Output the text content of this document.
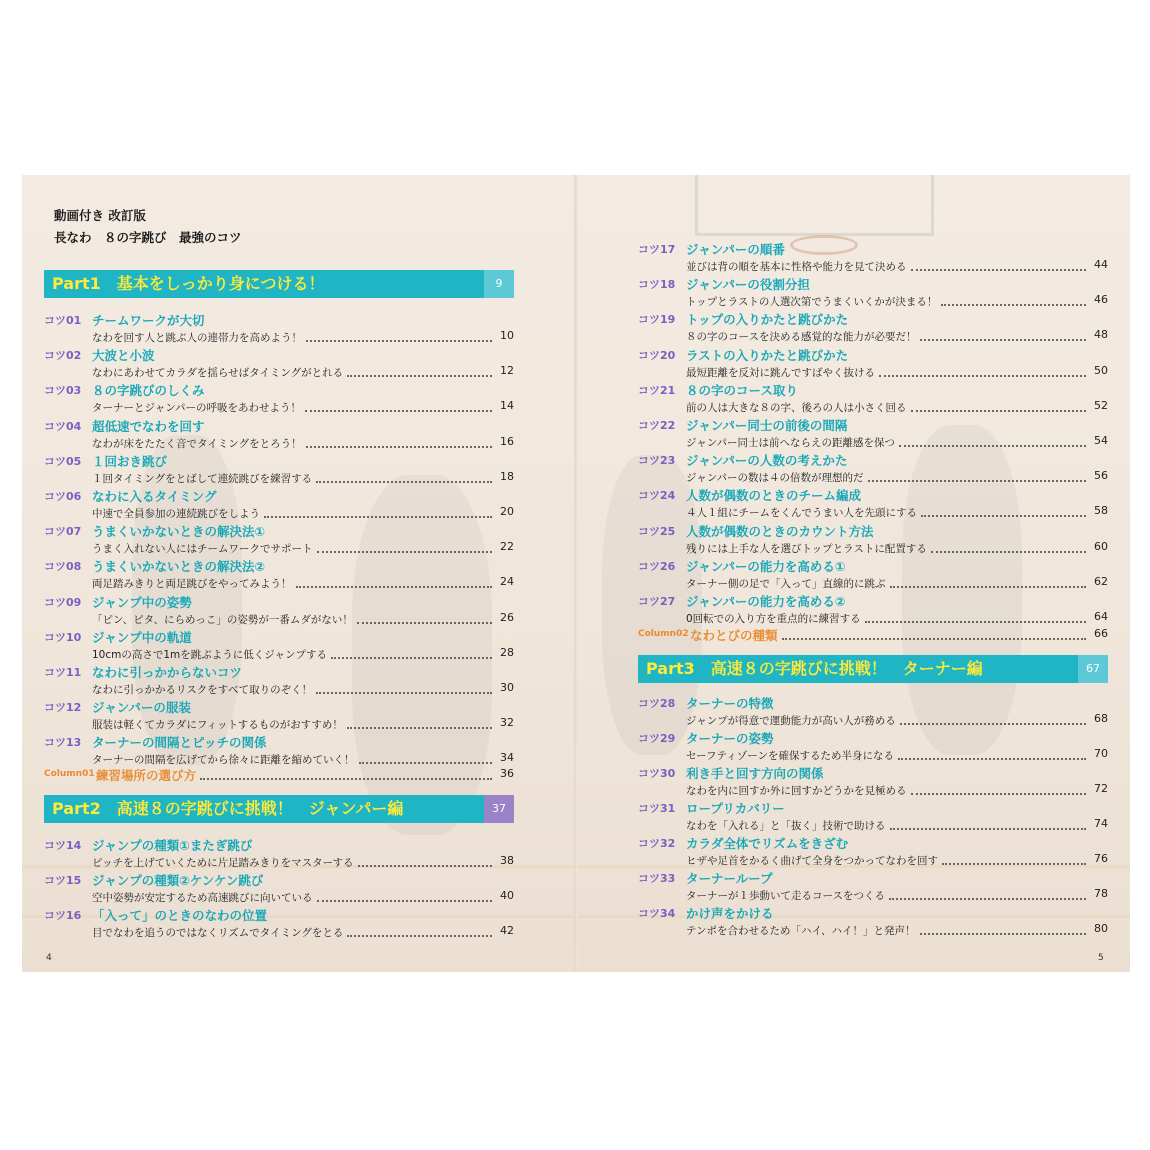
動画付き 改訂版
長なわ　８の字跳び　最強のコツ
Part1　基本をしっかり身につける！	9
コツ01 チームワークが大切
なわを回す人と跳ぶ人の連帯力を高めよう！	10
コツ02 大波と小波
なわにあわせてカラダを揺らせばタイミングがとれる	12
コツ03 ８の字跳びのしくみ
ターナーとジャンパーの呼吸をあわせよう！	14
コツ04 超低速でなわを回す
なわが床をたたく音でタイミングをとろう！	16
コツ05 １回おき跳び
１回タイミングをとばして連続跳びを練習する	18
コツ06 なわに入るタイミング
中速で全員参加の連続跳びをしよう	20
コツ07 うまくいかないときの解決法①
うまく入れない人にはチームワークでサポート	22
コツ08 うまくいかないときの解決法②
両足踏みきりと両足跳びをやってみよう！	24
コツ09 ジャンプ中の姿勢
「ピン、ピタ、にらめっこ」の姿勢が一番ムダがない！	26
コツ10 ジャンプ中の軌道
10cmの高さで1mを跳ぶように低くジャンプする	28
コツ11 なわに引っかからないコツ
なわに引っかかるリスクをすべて取りのぞく！	30
コツ12 ジャンパーの服装
服装は軽くてカラダにフィットするものがおすすめ！	32
コツ13 ターナーの間隔とピッチの関係
ターナーの間隔を広げてから徐々に距離を縮めていく！	34
Column01 練習場所の選び方	36
Part2　高速８の字跳びに挑戦！　ジャンパー編	37
コツ14 ジャンプの種類①またぎ跳び
ピッチを上げていくために片足踏みきりをマスターする	38
コツ15 ジャンプの種類②ケンケン跳び
空中姿勢が安定するため高速跳びに向いている	40
コツ16 「入って」のときのなわの位置
目でなわを追うのではなくリズムでタイミングをとる	42
4
コツ17 ジャンパーの順番
並びは背の順を基本に性格や能力を見て決める	44
コツ18 ジャンパーの役割分担
トップとラストの人選次第でうまくいくかが決まる！	46
コツ19 トップの入りかたと跳びかた
８の字のコースを決める感覚的な能力が必要だ！	48
コツ20 ラストの入りかたと跳びかた
最短距離を反対に跳んですばやく抜ける	50
コツ21 ８の字のコース取り
前の人は大きな８の字、後ろの人は小さく回る	52
コツ22 ジャンパー同士の前後の間隔
ジャンパー同士は前へならえの距離感を保つ	54
コツ23 ジャンパーの人数の考えかた
ジャンパーの数は４の倍数が理想的だ	56
コツ24 人数が偶数のときのチーム編成
４人１組にチームをくんでうまい人を先頭にする	58
コツ25 人数が偶数のときのカウント方法
残りには上手な人を選びトップとラストに配置する	60
コツ26 ジャンパーの能力を高める①
ターナー側の足で「入って」直線的に跳ぶ	62
コツ27 ジャンパーの能力を高める②
0回転での入り方を重点的に練習する	64
Column02 なわとびの種類	66
Part3　高速８の字跳びに挑戦！　ターナー編	67
コツ28 ターナーの特徴
ジャンプが得意で運動能力が高い人が務める	68
コツ29 ターナーの姿勢
セーフティゾーンを確保するため半身になる	70
コツ30 利き手と回す方向の関係
なわを内に回すか外に回すかどうかを見極める	72
コツ31 ロープリカバリー
なわを「入れる」と「抜く」技術で助ける	74
コツ32 カラダ全体でリズムをきざむ
ヒザや足首をかるく曲げて全身をつかってなわを回す	76
コツ33 ターナーループ
ターナーが１歩動いて走るコースをつくる	78
コツ34 かけ声をかける
テンポを合わせるため「ハイ、ハイ！」と発声！	80
5
